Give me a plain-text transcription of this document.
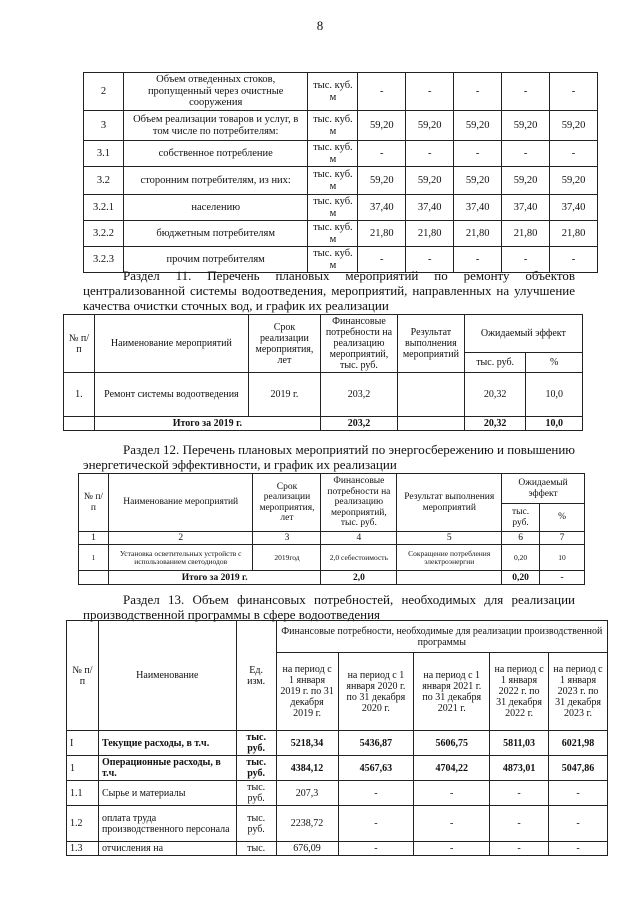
8
2	Объем отведенных стоков, пропущенный через очистные сооружения	тыс. куб. м	-	-	-	-	-
3	Объем реализации товаров и услуг, в том числе по потребителям:	тыс. куб. м	59,20	59,20	59,20	59,20	59,20
3.1	собственное потребление	тыс. куб. м	-	-	-	-	-
3.2	сторонним потребителям, из них:	тыс. куб. м	59,20	59,20	59,20	59,20	59,20
3.2.1	населению	тыс. куб. м	37,40	37,40	37,40	37,40	37,40
3.2.2	бюджетным потребителям	тыс. куб. м	21,80	21,80	21,80	21,80	21,80
3.2.3	прочим потребителям	тыс. куб. м	-	-	-	-	-
Раздел 11. Перечень плановых мероприятий по ремонту объектов централизованной системы водоотведения, мероприятий, направленных на улучшение качества очистки сточных вод, и график их реализации
№ п/п	Наименование мероприятий	Срок реализации мероприятия, лет	Финансовые потребности на реализацию мероприятий, тыс. руб.	Результат выполнения мероприятий	Ожидаемый эффект	
					тыс. руб.	%
1.	Ремонт системы водоотведения	2019 г.	203,2		20,32	10,0
	Итого за 2019 г.		203,2		20,32	10,0
Раздел 12. Перечень плановых мероприятий по энергосбережению и повышению энергетической эффективности, и график их реализации
№ п/п	Наименование мероприятий	Срок реализации мероприятия, лет	Финансовые потребности на реализацию мероприятий, тыс. руб.	Результат выполнения мероприятий	Ожидаемый эффект	
					тыс. руб.	%
1	2	3	4	5	6	7
1	Установка осветительных устройств с использованием светодиодов	2019год	2,0 себестоимость	Сокращение потребления электроэнергии	0,20	10
	Итого за 2019 г.		2,0		0,20	-
Раздел 13. Объем финансовых потребностей, необходимых для реализации производственной программы в сфере водоотведения
№ п/п	Наименование	Ед. изм.	Финансовые потребности, необходимые для реализации производственной программы				
			на период с 1 января 2019 г. по 31 декабря 2019 г.	на период с 1 января 2020 г. по 31 декабря 2020 г.	на период с 1 января 2021 г. по 31 декабря 2021 г.	на период с 1 января 2022 г. по 31 декабря 2022 г.	на период с 1 января 2023 г. по 31 декабря 2023 г.
I	Текущие расходы, в т.ч.	тыс. руб.	5218,34	5436,87	5606,75	5811,03	6021,98
1	Операционные расходы, в т.ч.	тыс. руб.	4384,12	4567,63	4704,22	4873,01	5047,86
1.1	Сырье и материалы	тыс. руб.	207,3	-	-	-	-
1.2	оплата труда производственного персонала	тыс. руб.	2238,72	-	-	-	-
1.3	отчисления на	тыс.	676,09	-	-	-	-
